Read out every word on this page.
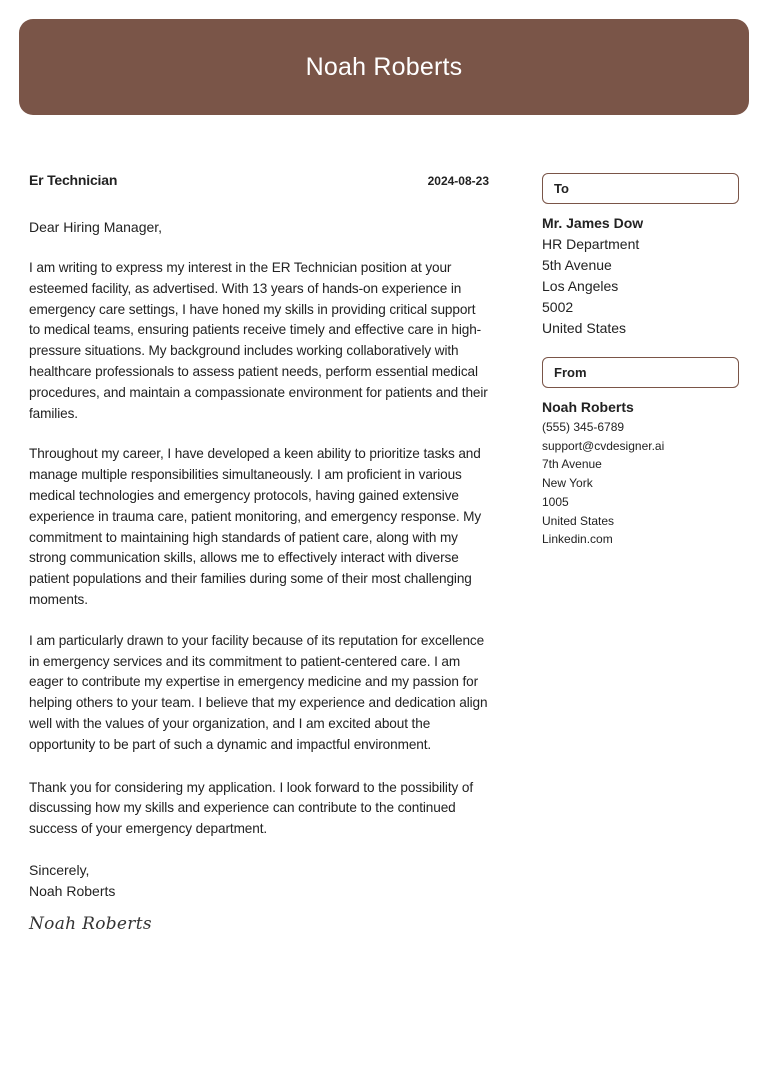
Noah Roberts
Er Technician	2024-08-23
Dear Hiring Manager,

I am writing to express my interest in the ER Technician position at your esteemed facility, as advertised. With 13 years of hands-on experience in emergency care settings, I have honed my skills in providing critical support to medical teams, ensuring patients receive timely and effective care in high-pressure situations. My background includes working collaboratively with healthcare professionals to assess patient needs, perform essential medical procedures, and maintain a compassionate environment for patients and their families.

Throughout my career, I have developed a keen ability to prioritize tasks and manage multiple responsibilities simultaneously. I am proficient in various medical technologies and emergency protocols, having gained extensive experience in trauma care, patient monitoring, and emergency response. My commitment to maintaining high standards of patient care, along with my strong communication skills, allows me to effectively interact with diverse patient populations and their families during some of their most challenging moments.

I am particularly drawn to your facility because of its reputation for excellence in emergency services and its commitment to patient-centered care. I am eager to contribute my expertise in emergency medicine and my passion for helping others to your team. I believe that my experience and dedication align well with the values of your organization, and I am excited about the opportunity to be part of such a dynamic and impactful environment.

Thank you for considering my application. I look forward to the possibility of discussing how my skills and experience can contribute to the continued success of your emergency department.

Sincerely,
Noah Roberts
Noah Roberts
To
Mr. James Dow
HR Department
5th Avenue
Los Angeles
5002
United States
From
Noah Roberts
(555) 345-6789
support@cvdesigner.ai
7th Avenue
New York
1005
United States
Linkedin.com
